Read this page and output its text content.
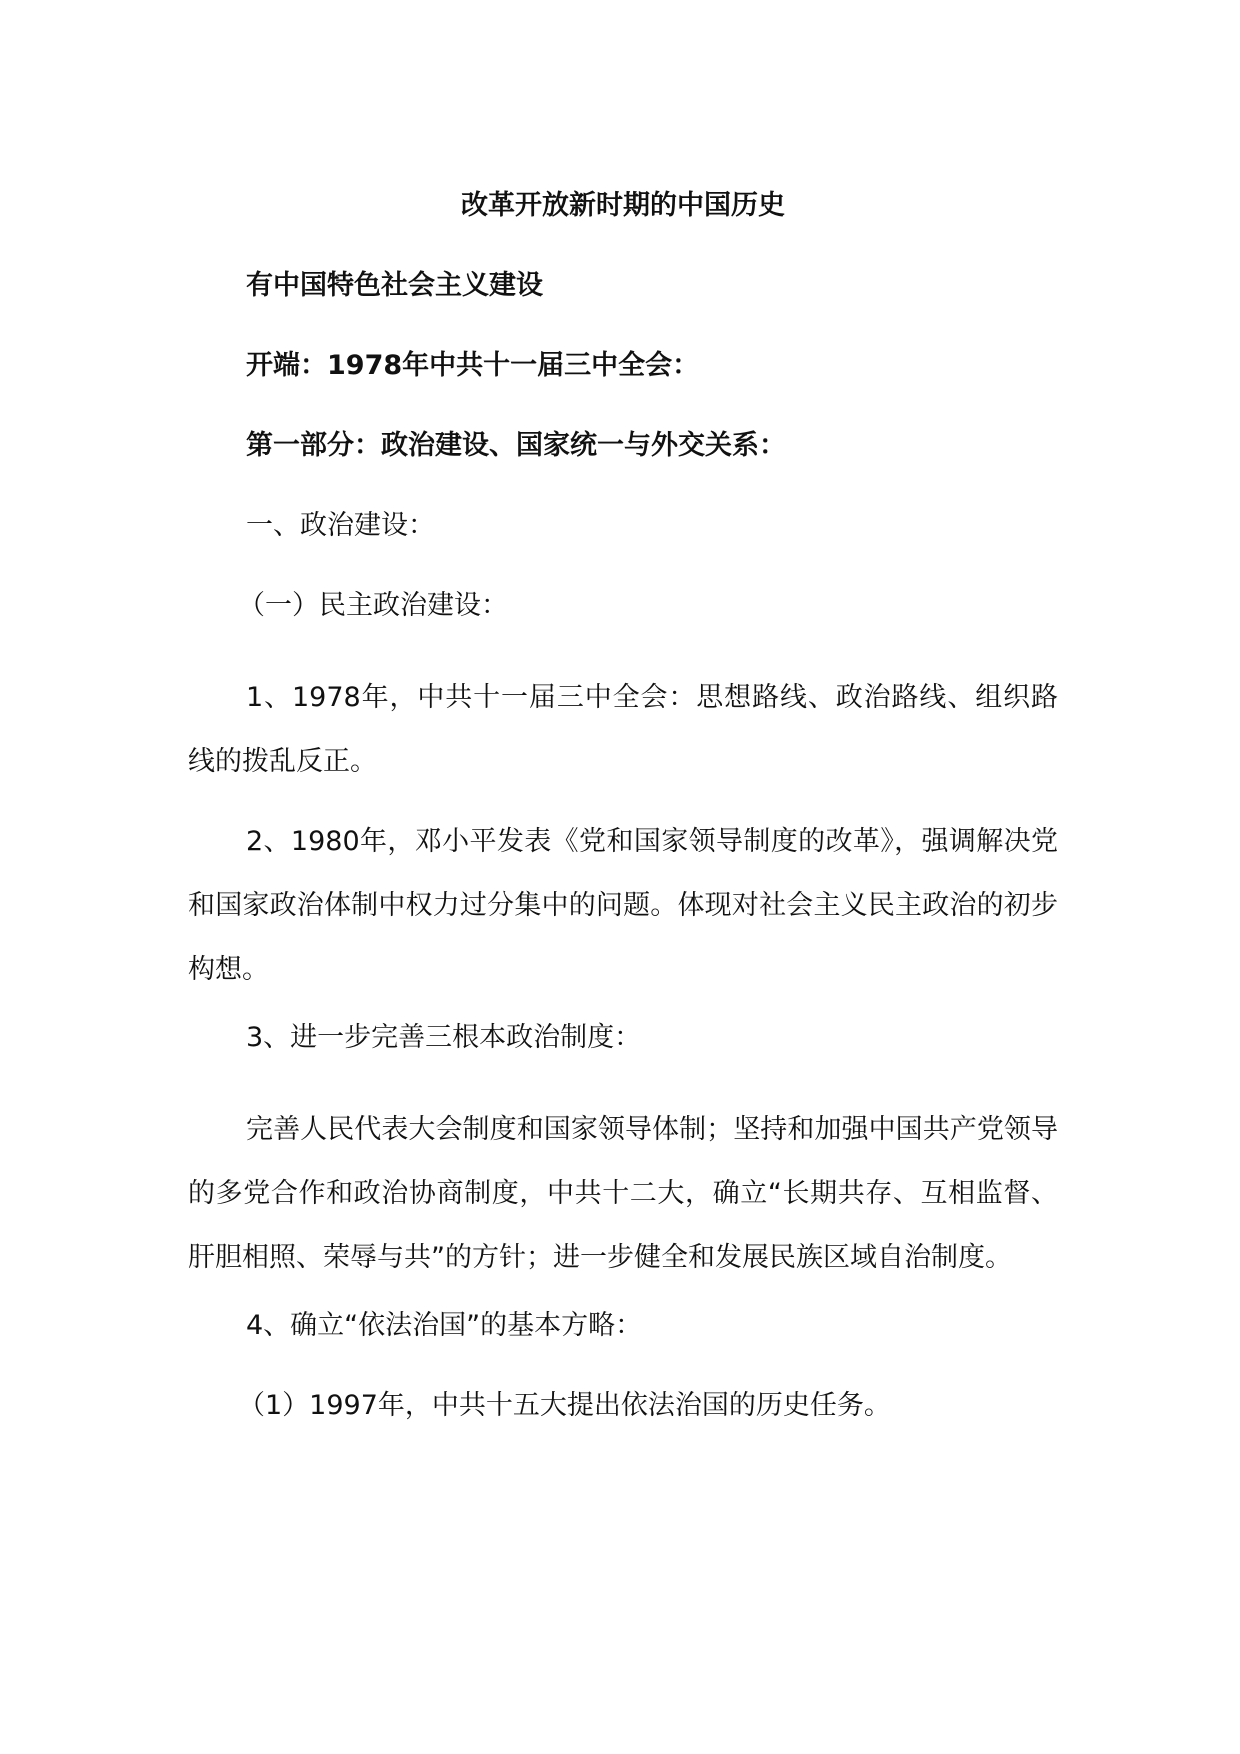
改革开放新时期的中国历史
有中国特色社会主义建设
开端：1978年中共十一届三中全会：
第一部分：政治建设、国家统一与外交关系：
一、政治建设：
（一）民主政治建设：
1、1978年，中共十一届三中全会：思想路线、政治路线、组织路线的拨乱反正。
2、1980年，邓小平发表《党和国家领导制度的改革》，强调解决党和国家政治体制中权力过分集中的问题。体现对社会主义民主政治的初步构想。
3、进一步完善三根本政治制度：
完善人民代表大会制度和国家领导体制；坚持和加强中国共产党领导的多党合作和政治协商制度，中共十二大，确立“长期共存、互相监督、肝胆相照、荣辱与共”的方针；进一步健全和发展民族区域自治制度。
4、确立“依法治国”的基本方略：
（1）1997年，中共十五大提出依法治国的历史任务。
